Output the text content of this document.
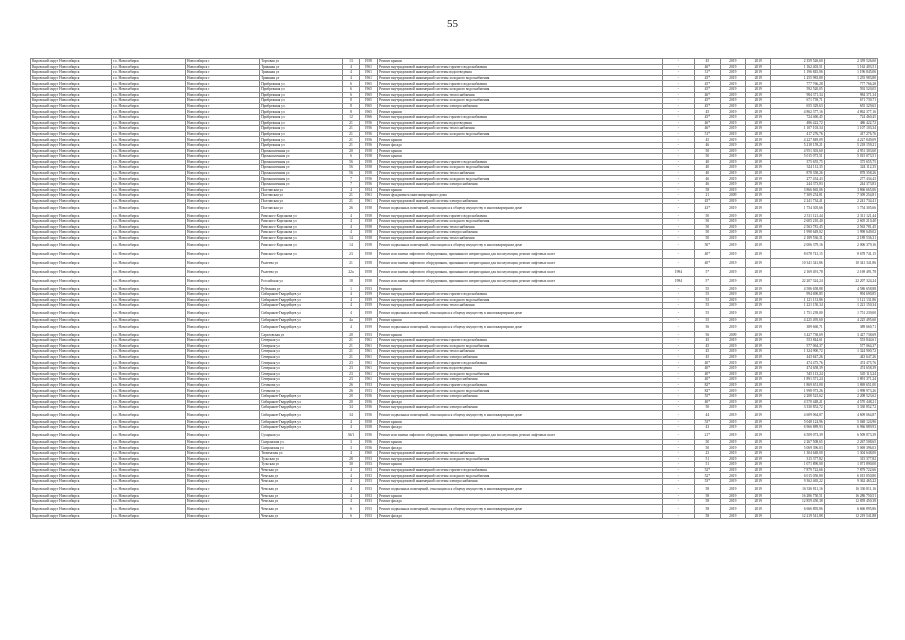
55
Кировский округ Новосибирск	г.о. Новосибирск	Новосибирск г	Торговая ул	13	1958	Ремонт крыши	-	45	2019	2019	2 359 526,60	2 359 526,60
Кировский округ Новосибирск	г.о. Новосибирск	Новосибирск г	Травяная ул	4	1961	Ремонт внутридомовой инженерной системы горячего водоснабжения	-	46*	2019	2019	1 162 403,51	1 162 403,51
Кировский округ Новосибирск	г.о. Новосибирск	Новосибирск г	Травяная ул	4	1961	Ремонт внутридомовой инженерной системы водоотведения	-	31*	2019	2019	1 196 845,06	1 196 845,06
Кировский округ Новосибирск	г.о. Новосибирск	Новосибирск г	Травяная ул	4	1961	Ремонт внутридомовой инженерной системы холодного водоснабжения	-	45*	2019	2019	1 255 983,80	1 255 983,80
Кировский округ Новосибирск	г.о. Новосибирск	Новосибирск г	Прибрежная ул	6	1965	Ремонт внутридомовой инженерной системы горячего водоснабжения	-	45*	2019	2019	777 766,28	777 766,28
Кировский округ Новосибирск	г.о. Новосибирск	Новосибирск г	Прибрежная ул	6	1965	Ремонт внутридомовой инженерной системы холодного водоснабжения	-	45*	2019	2019	592 520,05	592 520,05
Кировский округ Новосибирск	г.о. Новосибирск	Новосибирск г	Прибрежная ул	6	1965	Ремонт внутридомовой инженерной системы теплоснабжения	-	46*	2019	2019	984 371,34	984 371,34
Кировский округ Новосибирск	г.о. Новосибирск	Новосибирск г	Прибрежная ул	8	1965	Ремонт внутридомовой инженерной системы холодного водоснабжения	-	45*	2019	2019	671 739,71	671 739,71
Кировский округ Новосибирск	г.о. Новосибирск	Новосибирск г	Прибрежная ул	8	1965	Ремонт внутридомовой инженерной системы электроснабжения	-	45*	2019	2019	655 329,63	655 329,63
Кировский округ Новосибирск	г.о. Новосибирск	Новосибирск г	Прибрежная ул	8	1965	Ремонт крыши	-	45	2019	2019	4 862 377,16	4 862 377,16
Кировский округ Новосибирск	г.о. Новосибирск	Новосибирск г	Прибрежная ул	12	1966	Ремонт внутридомовой инженерной системы горячего водоснабжения	-	45*	2019	2019	724 460,45	724 460,45
Кировский округ Новосибирск	г.о. Новосибирск	Новосибирск г	Прибрежная ул	21	1956	Ремонт внутридомовой инженерной системы водоотведения	-	46*	2019	2019	486 422,72	486 422,72
Кировский округ Новосибирск	г.о. Новосибирск	Новосибирск г	Прибрежная ул	21	1956	Ремонт внутридомовой инженерной системы теплоснабжения	-	46*	2019	2019	1 107 103,34	1 107 103,34
Кировский округ Новосибирск	г.о. Новосибирск	Новосибирск г	Прибрежная ул	21	1956	Ремонт внутридомовой инженерной системы холодного водоснабжения	-	51*	2019	2019	417 276,76	417 276,76
Кировский округ Новосибирск	г.о. Новосибирск	Новосибирск г	Прибрежная ул	21	1956	Ремонт крыши	-	45	2019	2019	4 227 849,09	4 227 849,09
Кировский округ Новосибирск	г.о. Новосибирск	Новосибирск г	Прибрежная ул	21	1956	Ремонт фасада	-	46	2019	2019	5 218 159,21	5 218 159,21
Кировский округ Новосибирск	г.о. Новосибирск	Новосибирск г	Промышленная ул	20	1958	Ремонт крыши	-	50	2019	2019	4 951 303,60	4 951 303,60
Кировский округ Новосибирск	г.о. Новосибирск	Новосибирск г	Промышленная ул	6	1958	Ремонт крыши	-	50	2019	2019	5 015 073,51	5 015 073,51
Кировский округ Новосибирск	г.о. Новосибирск	Новосибирск г	Промышленная ул	56	1958	Ремонт внутридомовой инженерной системы горячего водоснабжения	-	40	2019	2019	375 655,75	375 655,75
Кировский округ Новосибирск	г.о. Новосибирск	Новосибирск г	Промышленная ул	56	1958	Ремонт внутридомовой инженерной системы холодного водоснабжения	-	40	2019	2019	324 112,35	324 112,35
Кировский округ Новосибирск	г.о. Новосибирск	Новосибирск г	Промышленная ул	56	1958	Ремонт внутридомовой инженерной системы теплоснабжения	-	40	2019	2019	878 358,26	878 358,26
Кировский округ Новосибирск	г.о. Новосибирск	Новосибирск г	Промышленная ул	7	1956	Ремонт внутридомовой инженерной системы холодного водоснабжения	-	46	2019	2019	277 434,43	277 434,43
Кировский округ Новосибирск	г.о. Новосибирск	Новосибирск г	Промышленная ул	7	1956	Ремонт внутридомовой инженерной системы электроснабжения	-	46	2019	2019	244 373,83	244 373,83
Кировский округ Новосибирск	г.о. Новосибирск	Новосибирск г	Полтавская ул	4	1954	Ремонт крыши	-	58	2019	2019	3 866 665,06	3 866 665,06
Кировский округ Новосибирск	г.о. Новосибирск	Новосибирск г	Полтавская ул	21	1961	Ремонт фундамента многоквартирного дома	-	21	2009	2019	7 309 254,81	7 309 254,81
Кировский округ Новосибирск	г.о. Новосибирск	Новосибирск г	Полтавская ул	21	1961	Ремонт внутридомовой инженерной системы электроснабжения	-	45*	2019	2019	2 241 734,41	2 241 734,41
Кировский округ Новосибирск	г.о. Новосибирск	Новосибирск г	Полтавская ул	26	1958	Ремонт подвальных помещений, относящихся к общему имуществу в многоквартирном доме	-	43*	2019	2019	1 754 305,66	1 754 305,66
Кировский округ Новосибирск	г.о. Новосибирск	Новосибирск г	Римского-Корсакова ул	4	1958	Ремонт внутридомовой инженерной системы горячего водоснабжения	-	50	2019	2019	2 311 121,44	2 311 121,44
Кировский округ Новосибирск	г.о. Новосибирск	Новосибирск г	Римского-Корсакова ул	4	1958	Ремонт внутридомовой инженерной системы холодного водоснабжения	-	50	2019	2019	2 605 210,40	2 605 210,40
Кировский округ Новосибирск	г.о. Новосибирск	Новосибирск г	Римского-Корсакова ул	4	1958	Ремонт внутридомовой инженерной системы теплоснабжения	-	50	2019	2019	2 563 781,45	2 563 781,45
Кировский округ Новосибирск	г.о. Новосибирск	Новосибирск г	Римского-Корсакова ул	4	1958	Ремонт внутридомовой инженерной системы электроснабжения	-	50	2019	2019	1 998 649,02	1 998 649,02
Кировский округ Новосибирск	г.о. Новосибирск	Новосибирск г	Римского-Корсакова ул	14	1958	Ремонт внутридомовой инженерной системы теплоснабжения	-	50	2019	2019	2 189 536,31	2 189 536,31
Кировский округ Новосибирск	г.о. Новосибирск	Новосибирск г	Римского-Корсакова ул	14	1958	Ремонт подвальных помещений, относящихся к общему имуществу в многоквартирном доме	-	50*	2019	2019	2 006 379,16	2 006 379,16
Кировский округ Новосибирск	г.о. Новосибирск	Новосибирск г	Римского-Корсакова ул	23	1958	Ремонт или замена лифтового оборудования, признанного непригодным для эксплуатации, ремонт лифтовых шахт	-	40*	2019	2019	8 678 741,15	8 678 741,15
Кировский округ Новосибирск	г.о. Новосибирск	Новосибирск г	Рылеева ул	21	1958	Ремонт или замена лифтового оборудования, признанного непригодным для эксплуатации, ремонт лифтовых шахт	-	40*	2019	2019	10 341 341,86	10 341 341,86
Кировский округ Новосибирск	г.о. Новосибирск	Новосибирск г	Рылеева ул	22а	1958	Ремонт или замена лифтового оборудования, признанного непригодным для эксплуатации, ремонт лифтовых шахт	1994	5*	2019	2019	2 169 491,78	2 169 491,78
Кировский округ Новосибирск	г.о. Новосибирск	Новосибирск г	Российская ул	18	1958	Ремонт или замена лифтового оборудования, признанного непригодным для эксплуатации, ремонт лифтовых шахт	1994	5*	2019	2019	22 207 324,24	22 207 324,24
Кировский округ Новосибирск	г.о. Новосибирск	Новосибирск г	Рубежная ул	1	1953	Ремонт крыши	-	55	2019	2019	4 586 658,88	4 586 658,88
Кировский округ Новосибирск	г.о. Новосибирск	Новосибирск г	Сибиряков-Гвардейцев ул	4	1959	Ремонт внутридомовой инженерной системы горячего водоснабжения	-	55	2019	2019	994 690,85	994 690,85
Кировский округ Новосибирск	г.о. Новосибирск	Новосибирск г	Сибиряков-Гвардейцев ул	4	1959	Ремонт внутридомовой инженерной системы холодного водоснабжения	-	55	2019	2019	1 121 131,86	1 121 131,86
Кировский округ Новосибирск	г.о. Новосибирск	Новосибирск г	Сибиряков-Гвардейцев ул	4	1959	Ремонт внутридомовой инженерной системы теплоснабжения	-	55	2019	2019	1 221 150,34	1 221 150,34
Кировский округ Новосибирск	г.о. Новосибирск	Новосибирск г	Сибиряков-Гвардейцев ул	4	1959	Ремонт подвальных помещений, относящихся к общему имуществу в многоквартирном доме	-	55	2019	2019	1 751 239,00	1 751 239,00
Кировский округ Новосибирск	г.о. Новосибирск	Новосибирск г	Сибиряков-Гвардейцев ул	4а	1959	Ремонт крыши	-	55	2019	2019	4 225 495,60	4 225 495,60
Кировский округ Новосибирск	г.о. Новосибирск	Новосибирск г	Сибиряков-Гвардейцев ул	4	1959	Ремонт подвальных помещений, относящихся к общему имуществу в многоквартирном доме	-	56	2019	2019	389 660,71	389 660,71
Кировский округ Новосибирск	г.о. Новосибирск	Новосибирск г	Саратовская ул	20	1953	Ремонт крыши	-	56	2009	2019	3 427 738,69	3 427 738,69
Кировский округ Новосибирск	г.о. Новосибирск	Новосибирск г	Северная ул	21	1961	Ремонт внутридомовой инженерной системы горячего водоснабжения	-	45	2019	2019	553 844,61	553 844,61
Кировский округ Новосибирск	г.о. Новосибирск	Новосибирск г	Северная ул	21	1961	Ремонт внутридомовой инженерной системы холодного водоснабжения	-	45	2019	2019	577 064,37	577 064,37
Кировский округ Новосибирск	г.о. Новосибирск	Новосибирск г	Северная ул	21	1961	Ремонт внутридомовой инженерной системы теплоснабжения	-	45	2019	2019	1 324 900,72	1 324 900,72
Кировский округ Новосибирск	г.о. Новосибирск	Новосибирск г	Северная ул	21	1961	Ремонт внутридомовой инженерной системы электроснабжения	-	45	2019	2019	443 647,26	443 647,26
Кировский округ Новосибирск	г.о. Новосибирск	Новосибирск г	Северная ул	23	1961	Ремонт внутридомовой инженерной системы горячего водоснабжения	-	40*	2019	2019	474 475,76	474 475,76
Кировский округ Новосибирск	г.о. Новосибирск	Новосибирск г	Северная ул	23	1961	Ремонт внутридомовой инженерной системы водоотведения	-	40*	2019	2019	474 658,39	474 658,39
Кировский округ Новосибирск	г.о. Новосибирск	Новосибирск г	Северная ул	23	1961	Ремонт внутридомовой инженерной системы холодного водоснабжения	-	40*	2019	2019	545 113,24	545 113,24
Кировский округ Новосибирск	г.о. Новосибирск	Новосибирск г	Северная ул	23	1961	Ремонт внутридомовой инженерной системы электроснабжения	-	40*	2019	2019	1 891 371,24	1 891 371,24
Кировский округ Новосибирск	г.о. Новосибирск	Новосибирск г	Сеченова ул	26	1953	Ремонт внутридомовой инженерной системы горячего водоснабжения	-	82*	2019	2019	1 869 651,00	1 869 651,00
Кировский округ Новосибирск	г.о. Новосибирск	Новосибирск г	Сеченова ул	26	1953	Ремонт внутридомовой инженерной системы холодного водоснабжения	-	82*	2019	2019	1 998 973,26	1 998 973,26
Кировский округ Новосибирск	г.о. Новосибирск	Новосибирск г	Сибиряков-Гвардейцев ул	20	1956	Ремонт внутридомовой инженерной системы электроснабжения	-	55*	2019	2019	2 208 523,62	2 208 523,62
Кировский округ Новосибирск	г.о. Новосибирск	Новосибирск г	Сибиряков-Гвардейцев ул	20	1956	Ремонт фасада	-	40*	2019	2019	4 570 448,21	4 570 448,21
Кировский округ Новосибирск	г.о. Новосибирск	Новосибирск г	Сибиряков-Гвардейцев ул	34	1956	Ремонт внутридомовой инженерной системы электроснабжения	-	50	2019	2019	3 330 852,72	3 330 852,72
Кировский округ Новосибирск	г.о. Новосибирск	Новосибирск г	Сибиряков-Гвардейцев ул	34	1956	Ремонт подвальных помещений, относящихся к общему имуществу в многоквартирном доме	-	44	2019	2019	4 609 064,87	4 609 064,87
Кировский округ Новосибирск	г.о. Новосибирск	Новосибирск г	Сибиряков-Гвардейцев ул	4	1958	Ремонт крыши	-	53*	2019	2019	5 048 124,96	5 048 124,96
Кировский округ Новосибирск	г.о. Новосибирск	Новосибирск г	Сибиряков-Гвардейцев ул	4	1958	Ремонт фасада	-	43	2019	2019	6 966 889,93	6 966 889,93
Кировский округ Новосибирск	г.о. Новосибирск	Новосибирск г	Сухарная ул	36/1	1956	Ремонт или замена лифтового оборудования, признанного непригодным для эксплуатации, ремонт лифтовых шахт	-	21*	2019	2019	6 509 073,39	6 509 073,39
Кировский округ Новосибирск	г.о. Новосибирск	Новосибирск г	Сызранская ул	3	1956	Ремонт крыши	-	50	2019	2019	2 267 508,65	2 267 508,65
Кировский округ Новосибирск	г.о. Новосибирск	Новосибирск г	Сызранская ул	3	1956	Ремонт фасада	-	50	2019	2019	5 069 396,03	5 069 396,03
Кировский округ Новосибирск	г.о. Новосибирск	Новосибирск г	Тюменская ул	4	1960	Ремонт внутридомовой инженерной системы теплоснабжения	-	23	2019	2019	1 304 648,00	1 304 648,00
Кировский округ Новосибирск	г.о. Новосибирск	Новосибирск г	Тульская ул	28	1953	Ремонт внутридомовой инженерной системы холодного водоснабжения	-	51	2019	2019	315 377,82	315 377,82
Кировский округ Новосибирск	г.о. Новосибирск	Новосибирск г	Тульская ул	30	1953	Ремонт крыши	-	51	2019	2019	1 071 890,00	1 071 890,00
Кировский округ Новосибирск	г.о. Новосибирск	Новосибирск г	Чемская ул	4	1953	Ремонт внутридомовой инженерной системы горячего водоснабжения	-	52*	2019	2019	7 879 722,66	7 879 722,66
Кировский округ Новосибирск	г.о. Новосибирск	Новосибирск г	Чемская ул	4	1953	Ремонт внутридомовой инженерной системы холодного водоснабжения	-	52*	2019	2019	6 015 050,80	6 015 050,80
Кировский округ Новосибирск	г.о. Новосибирск	Новосибирск г	Чемская ул	4	1953	Ремонт внутридомовой инженерной системы электроснабжения	-	53*	2019	2019	9 362 465,22	9 362 465,22
Кировский округ Новосибирск	г.о. Новосибирск	Новосибирск г	Чемская ул	4	1953	Ремонт подвальных помещений, относящихся к общему имуществу в многоквартирном доме	-	58	2019	2019	16 336 811,16	16 336 811,16
Кировский округ Новосибирск	г.о. Новосибирск	Новосибирск г	Чемская ул	4	1953	Ремонт крыши	-	58	2019	2019	16 286 750,51	16 286 750,51
Кировский округ Новосибирск	г.о. Новосибирск	Новосибирск г	Чемская ул	4	1953	Ремонт фасада	-	58	2019	2019	12 859 450,38	12 859 450,38
Кировский округ Новосибирск	г.о. Новосибирск	Новосибирск г	Чемская ул	6	1953	Ремонт подвальных помещений, относящихся к общему имуществу в многоквартирном доме	-	58	2019	2019	6 666 895,86	6 666 895,86
Кировский округ Новосибирск	г.о. Новосибирск	Новосибирск г	Чемская ул	6	1953	Ремонт фасада	-	58	2019	2019	12 219 541,88	12 219 541,88
